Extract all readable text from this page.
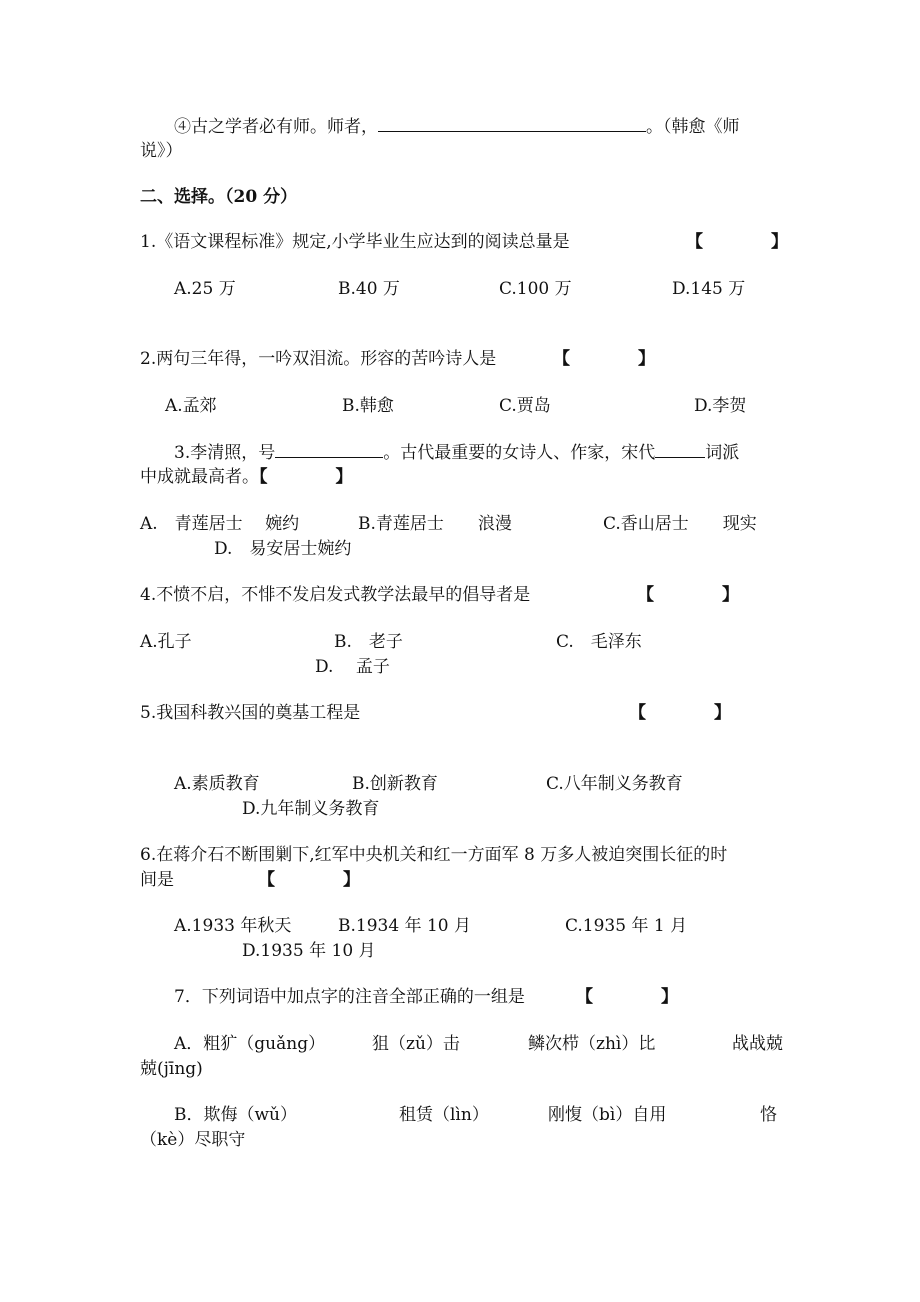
④古之学者必有师。师者，	。（韩愈《师
说》）
二、选择。（20 分）
1.《语文课程标准》规定,小学毕业生应达到的阅读总量是	【　　　　】
A.25 万	B.40 万	C.100 万	D.145 万
2.两句三年得，一吟双泪流。形容的苦吟诗人是	【　　　　】
A.孟郊	B.韩愈	C.贾岛	D.李贺
3.李清照，号	。古代最重要的女诗人、作家，宋代	词派
中成就最高者。【　　　　】
A.　青莲居士　 婉约	B.青莲居士　　浪漫	C.香山居士　　现实
D.　易安居士婉约
4.不愤不启，不悱不发启发式教学法最早的倡导者是	【　　　　】
A.孔子	B.　老子	C.　毛泽东
D.　 孟子
5.我国科教兴国的奠基工程是	【　　　　】
A.素质教育	B.创新教育	C.八年制义务教育
D.九年制义务教育
6.在蒋介石不断围剿下,红军中央机关和红一方面军 8 万多人被迫突围长征的时
间是	【　　　　】
A.1933 年秋天	B.1934 年 10 月	C.1935 年 1 月
D.1935 年 10 月
7．下列词语中加点字的注音全部正确的一组是	【　　　　】
A．粗犷（guǎng）	狙（zǔ）击	鳞次栉（zhì）比	战战兢
兢(jīng)
B．欺侮（wǔ）	租赁（lìn）	刚愎（bì）自用	恪
（kè）尽职守
